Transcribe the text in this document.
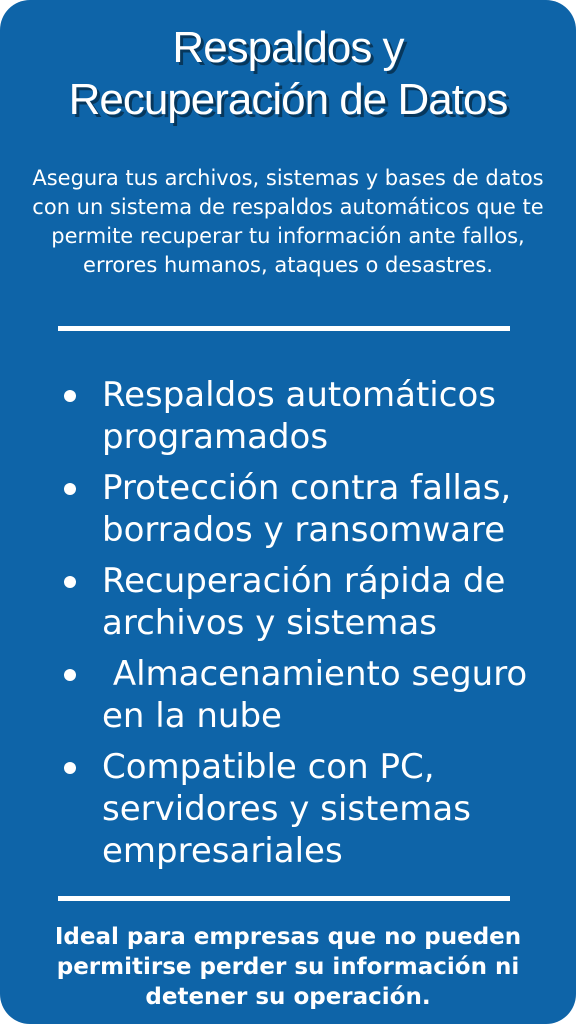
Respaldos y
Recuperación de Datos

Asegura tus archivos, sistemas y bases de datos con un sistema de respaldos automáticos que te permite recuperar tu información ante fallos, errores humanos, ataques o desastres.

Respaldos automáticos programados
Protección contra fallas, borrados y ransomware
Recuperación rápida de archivos y sistemas
Almacenamiento seguro en la nube
Compatible con PC, servidores y sistemas empresariales

Ideal para empresas que no pueden permitirse perder su información ni detener su operación.
